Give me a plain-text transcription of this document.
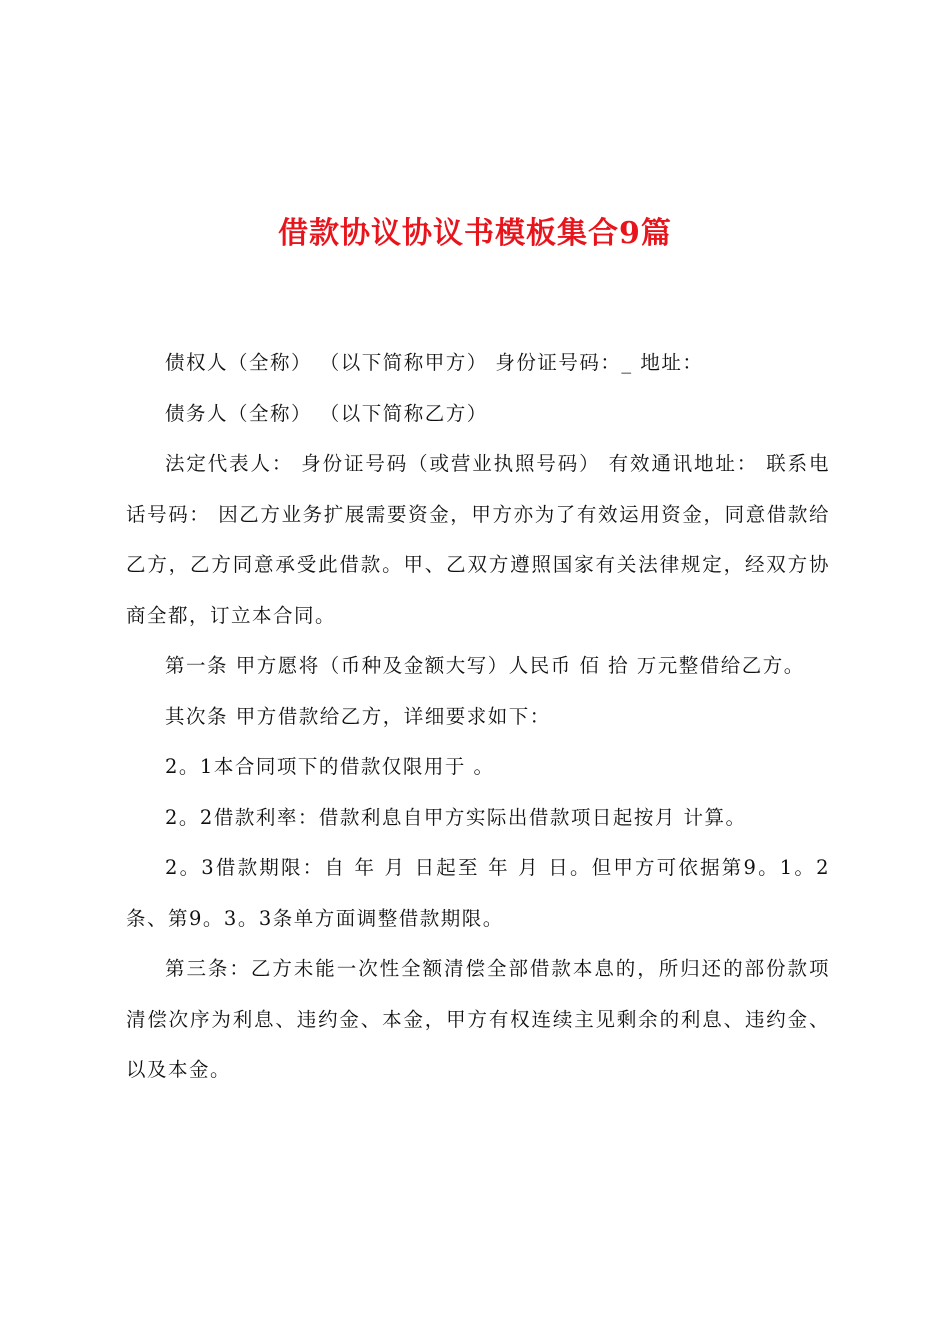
借款协议协议书模板集合9篇

债权人（全称） （以下简称甲方） 身份证号码：_ 地址：

债务人（全称） （以下简称乙方）

法定代表人： 身份证号码（或营业执照号码） 有效通讯地址： 联系电话号码： 因乙方业务扩展需要资金，甲方亦为了有效运用资金，同意借款给乙方，乙方同意承受此借款。甲、乙双方遵照国家有关法律规定，经双方协商全都，订立本合同。

第一条 甲方愿将（币种及金额大写）人民币 佰 拾 万元整借给乙方。

其次条 甲方借款给乙方，详细要求如下：

2。1本合同项下的借款仅限用于 。

2。2借款利率：借款利息自甲方实际出借款项日起按月 计算。

2。3借款期限：自 年 月 日起至 年 月 日。但甲方可依据第9。1。2条、第9。3。3条单方面调整借款期限。

第三条：乙方未能一次性全额清偿全部借款本息的，所归还的部份款项清偿次序为利息、违约金、本金，甲方有权连续主见剩余的利息、违约金、以及本金。
